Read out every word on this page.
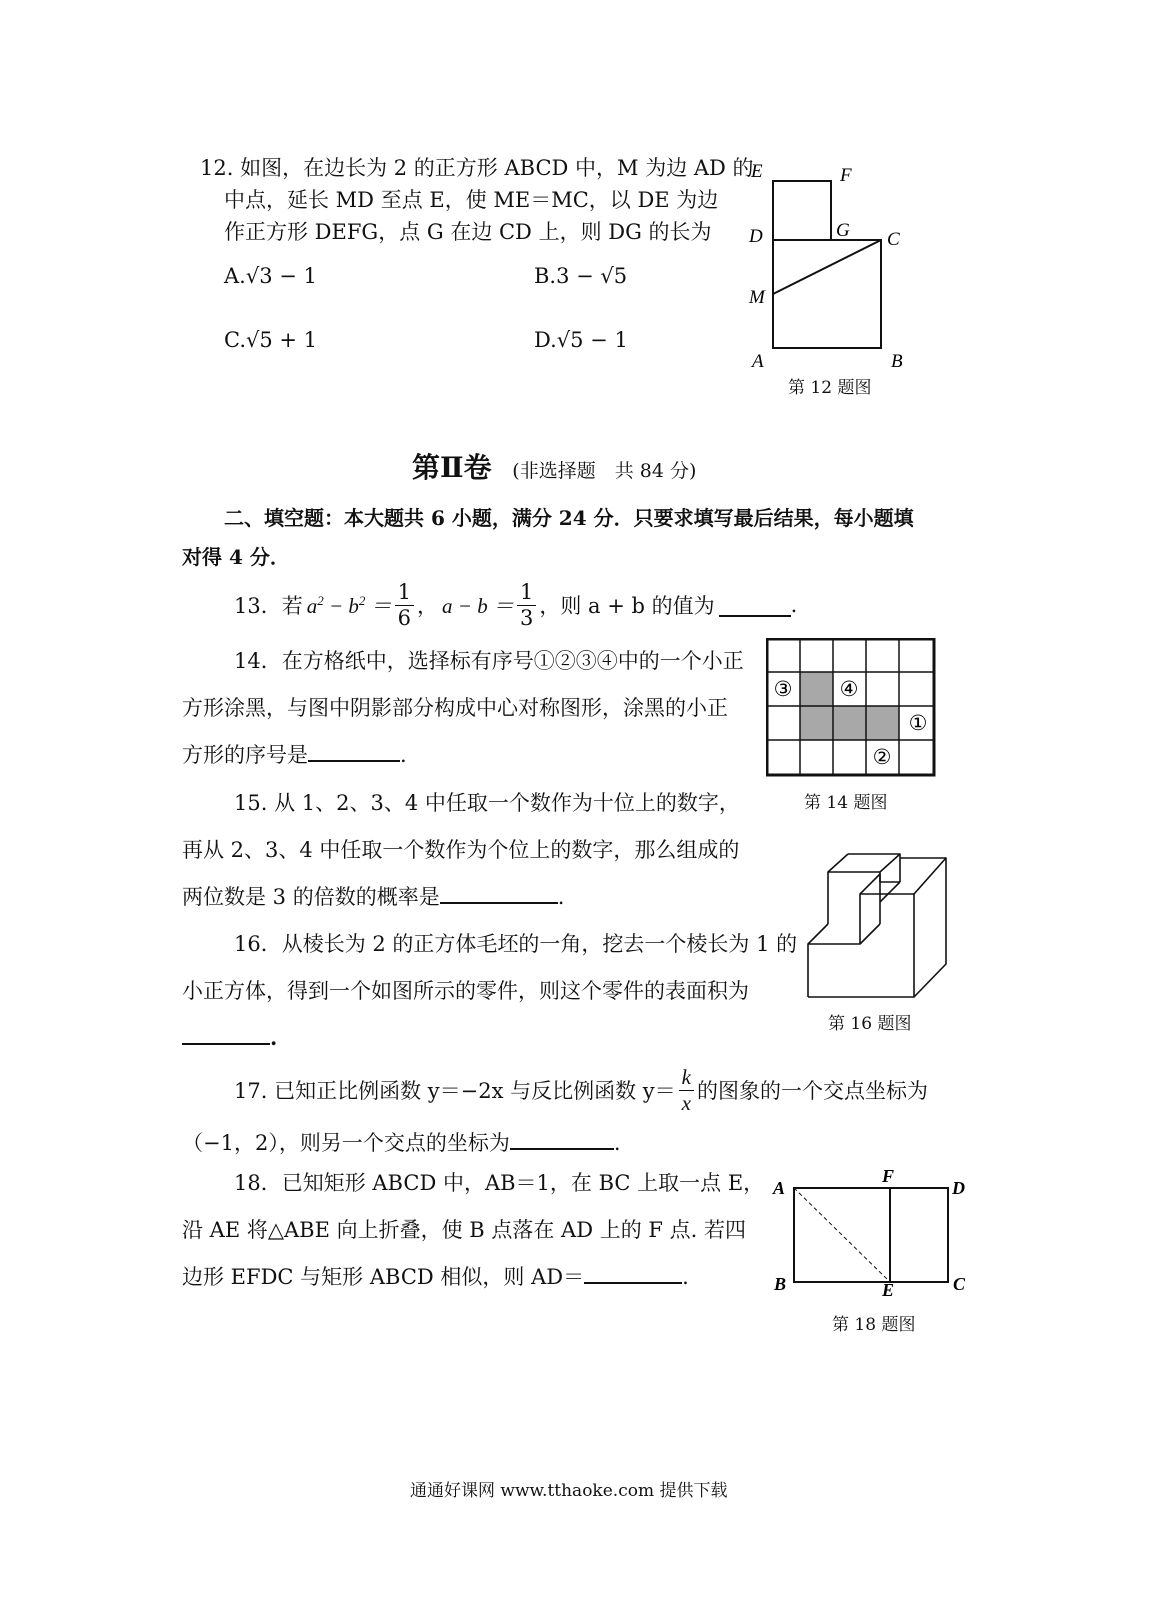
12. 如图，在边长为 2 的正方形 ABCD 中，M 为边 AD 的
中点，延长 MD 至点 E，使 ME＝MC，以 DE 为边
作正方形 DEFG，点 G 在边 CD 上，则 DG 的长为
A.√3 − 1	B.3 − √5
C.√5 + 1	D.√5 − 1
E	F
D	G C
M
A	B
第 12 题图
第Ⅱ卷 (非选择题　共 84 分)
二、填空题：本大题共 6 小题，满分 24 分．只要求填写最后结果，每小题填
对得 4 分．
13．若 $a^2 - b^2 = \frac{1}{6}$ ， $a - b = \frac{1}{3}$ ，则 a + b 的值为	.
14．在方格纸中，选择标有序号①②③④中的一个小正
方形涂黑，与图中阴影部分构成中心对称图形，涂黑的小正
方形的序号是	.
③ ④
①
②
第 14 题图
15. 从 1、2、3、4 中任取一个数作为十位上的数字，
再从 2、3、4 中任取一个数作为个位上的数字，那么组成的
两位数是 3 的倍数的概率是	.
16．从棱长为 2 的正方体毛坯的一角，挖去一个棱长为 1 的
小正方体，得到一个如图所示的零件，则这个零件的表面积为
.
第 16 题图
17. 已知正比例函数 y＝−2x 与反比例函数 $y= \frac{k}{x}$ 的图象的一个交点坐标为
（−1，2），则另一个交点的坐标为	.
18．已知矩形 ABCD 中，AB＝1，在 BC 上取一点 E，
沿 AE 将△ABE 向上折叠，使 B 点落在 AD 上的 F 点. 若四
边形 EFDC 与矩形 ABCD 相似，则 AD＝	.
A
F
D
B	E	C
第 18 题图
通通好课网 www.tthaoke.com 提供下载
